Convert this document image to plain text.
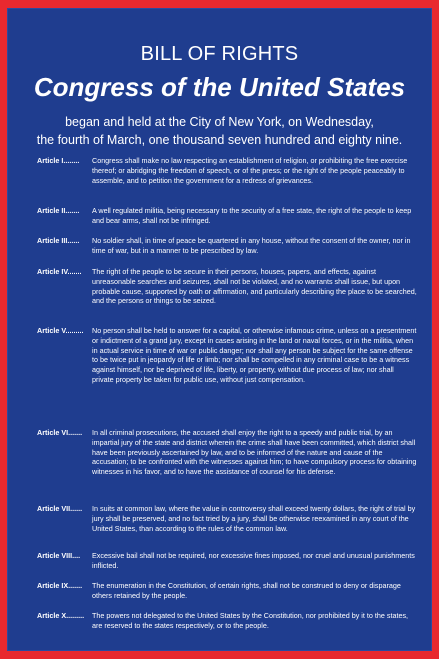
BILL OF RIGHTS
Congress of the United States
began and held at the City of New York, on Wednesday,
the fourth of March, one thousand seven hundred and eighty nine.
Article I........	Congress shall make no law respecting an establishment of religion, or prohibiting the free exercise thereof; or abridging the freedom of speech, or of the press; or the right of the people peaceably to assemble, and to petition the government for a redress of grievances.
Article II.......	A well regulated militia, being necessary to the security of a free state, the right of the people to keep and bear arms, shall not be infringed.
Article III......	No soldier shall, in time of peace be quartered in any house, without the consent of the owner, nor in time of war, but in a manner to be prescribed by law.
Article IV.......	The right of the people to be secure in their persons, houses, papers, and effects, against unreasonable searches and seizures, shall not be violated, and no warrants shall issue, but upon probable cause, supported by oath or affirmation, and particularly describing the place to be searched, and the persons or things to be seized.
Article V.........	No person shall be held to answer for a capital, or otherwise infamous crime, unless on a presentment or indictment of a grand jury, except in cases arising in the land or naval forces, or in the militia, when in actual service in time of war or public danger; nor shall any person be subject for the same offense to be twice put in jeopardy of life or limb; nor shall be compelled in any criminal case to be a witness against himself, nor be deprived of life, liberty, or property, without due process of law; nor shall private property be taken for public use, without just compensation.
Article VI.......	In all criminal prosecutions, the accused shall enjoy the right to a speedy and public trial, by an impartial jury of the state and district wherein the crime shall have been committed, which district shall have been previously ascertained by law, and to be informed of the nature and cause of the accusation; to be confronted with the witnesses against him; to have compulsory process for obtaining witnesses in his favor, and to have the assistance of counsel for his defense.
Article VII......	In suits at common law, where the value in controversy shall exceed twenty dollars, the right of trial by jury shall be preserved, and no fact tried by a jury, shall be otherwise reexamined in any court of the United States, than according to the rules of the common law.
Article VIII....	Excessive bail shall not be required, nor excessive fines imposed, nor cruel and unusual punishments inflicted.
Article IX.......	The enumeration in the Constitution, of certain rights, shall not be construed to deny or disparage others retained by the people.
Article X.........	The powers not delegated to the United States by the Constitution, nor prohibited by it to the states, are reserved to the states respectively, or to the people.
